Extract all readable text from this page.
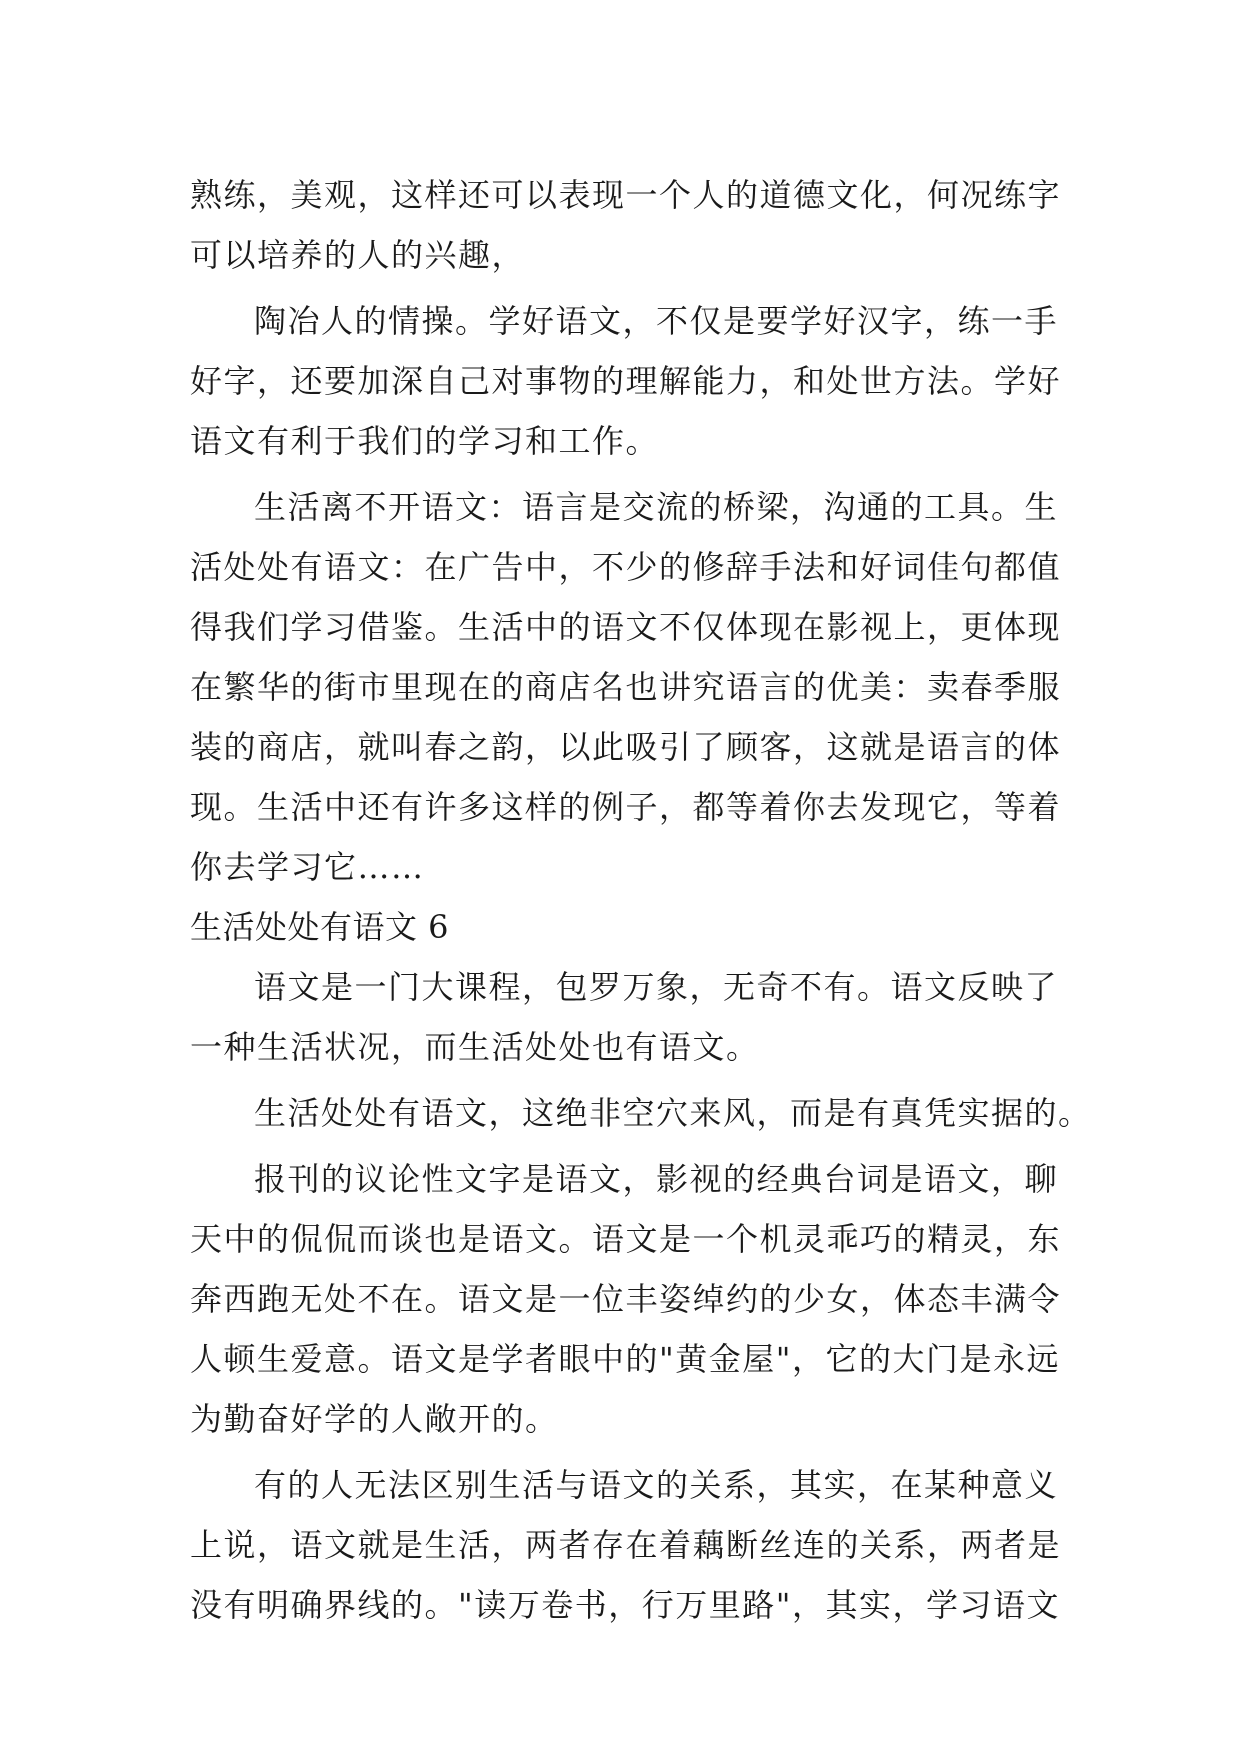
熟练，美观，这样还可以表现一个人的道德文化，何况练字
可以培养的人的兴趣，
陶冶人的情操。学好语文，不仅是要学好汉字，练一手
好字，还要加深自己对事物的理解能力，和处世方法。学好
语文有利于我们的学习和工作。
生活离不开语文：语言是交流的桥梁，沟通的工具。生
活处处有语文：在广告中，不少的修辞手法和好词佳句都值
得我们学习借鉴。生活中的语文不仅体现在影视上，更体现
在繁华的街市里现在的商店名也讲究语言的优美：卖春季服
装的商店，就叫春之韵，以此吸引了顾客，这就是语言的体
现。生活中还有许多这样的例子，都等着你去发现它，等着
你去学习它……
生活处处有语文 6
语文是一门大课程，包罗万象，无奇不有。语文反映了
一种生活状况，而生活处处也有语文。
生活处处有语文，这绝非空穴来风，而是有真凭实据的。
报刊的议论性文字是语文，影视的经典台词是语文，聊
天中的侃侃而谈也是语文。语文是一个机灵乖巧的精灵，东
奔西跑无处不在。语文是一位丰姿绰约的少女，体态丰满令
人顿生爱意。语文是学者眼中的"黄金屋"，它的大门是永远
为勤奋好学的人敞开的。
有的人无法区别生活与语文的关系，其实，在某种意义
上说，语文就是生活，两者存在着藕断丝连的关系，两者是
没有明确界线的。"读万卷书，行万里路"，其实，学习语文
